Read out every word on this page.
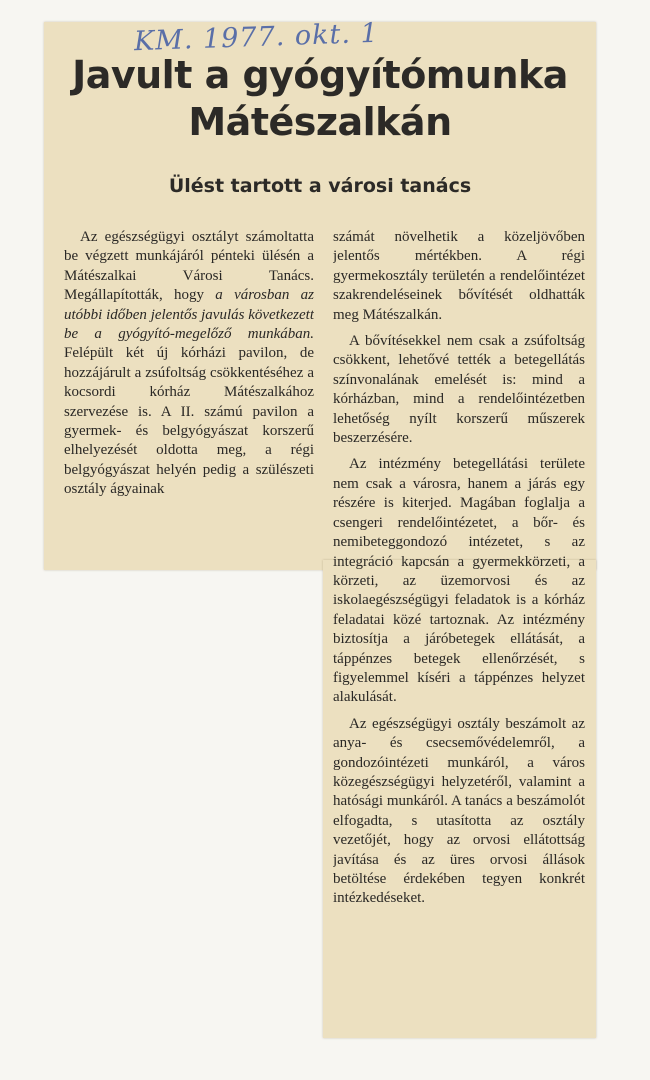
KM. 1977. okt. 1
Javult a gyógyítómunka
Mátészalkán
Ülést tartott a városi tanács

Az egészségügyi osztályt számoltatta be végzett munkájáról pénteki ülésén a Mátészalkai Városi Tanács. Megállapították, hogy a városban az utóbbi időben jelentős javulás következett be a gyógyító-megelőző munkában. Felépült két új kórházi pavilon, de hozzájárult a zsúfoltság csökkentéséhez a kocsordi kórház Mátészalkához szervezése is. A II. számú pavilon a gyermek- és belgyógyászat korszerű elhelyezését oldotta meg, a régi belgyógyászat helyén pedig a szülészeti osztály ágyainak

számát növelhetik a közeljövőben jelentős mértékben. A régi gyermekosztály területén a rendelőintézet szakrendeléseinek bővítését oldhatták meg Mátészalkán.

A bővítésekkel nem csak a zsúfoltság csökkent, lehetővé tették a betegellátás színvonalának emelését is: mind a kórházban, mind a rendelőintézetben lehetőség nyílt korszerű műszerek beszerzésére.

Az intézmény betegellátási területe nem csak a városra, hanem a járás egy részére is kiterjed. Magában foglalja a csengeri rendelőintézetet, a bőr- és nemibeteggondozó intézetet, s az integráció kapcsán a gyermekkörzeti, a körzeti, az üzemorvosi és az iskolaegészségügyi feladatok is a kórház feladatai közé tartoznak. Az intézmény biztosítja a járóbetegek ellátását, a táppénzes betegek ellenőrzését, s figyelemmel kíséri a táppénzes helyzet alakulását.

Az egészségügyi osztály beszámolt az anya- és csecsemővédelemről, a gondozóintézeti munkáról, a város közegészségügyi helyzetéről, valamint a hatósági munkáról. A tanács a beszámolót elfogadta, s utasította az osztály vezetőjét, hogy az orvosi ellátottság javítása és az üres orvosi állások betöltése érdekében tegyen konkrét intézkedéseket.
